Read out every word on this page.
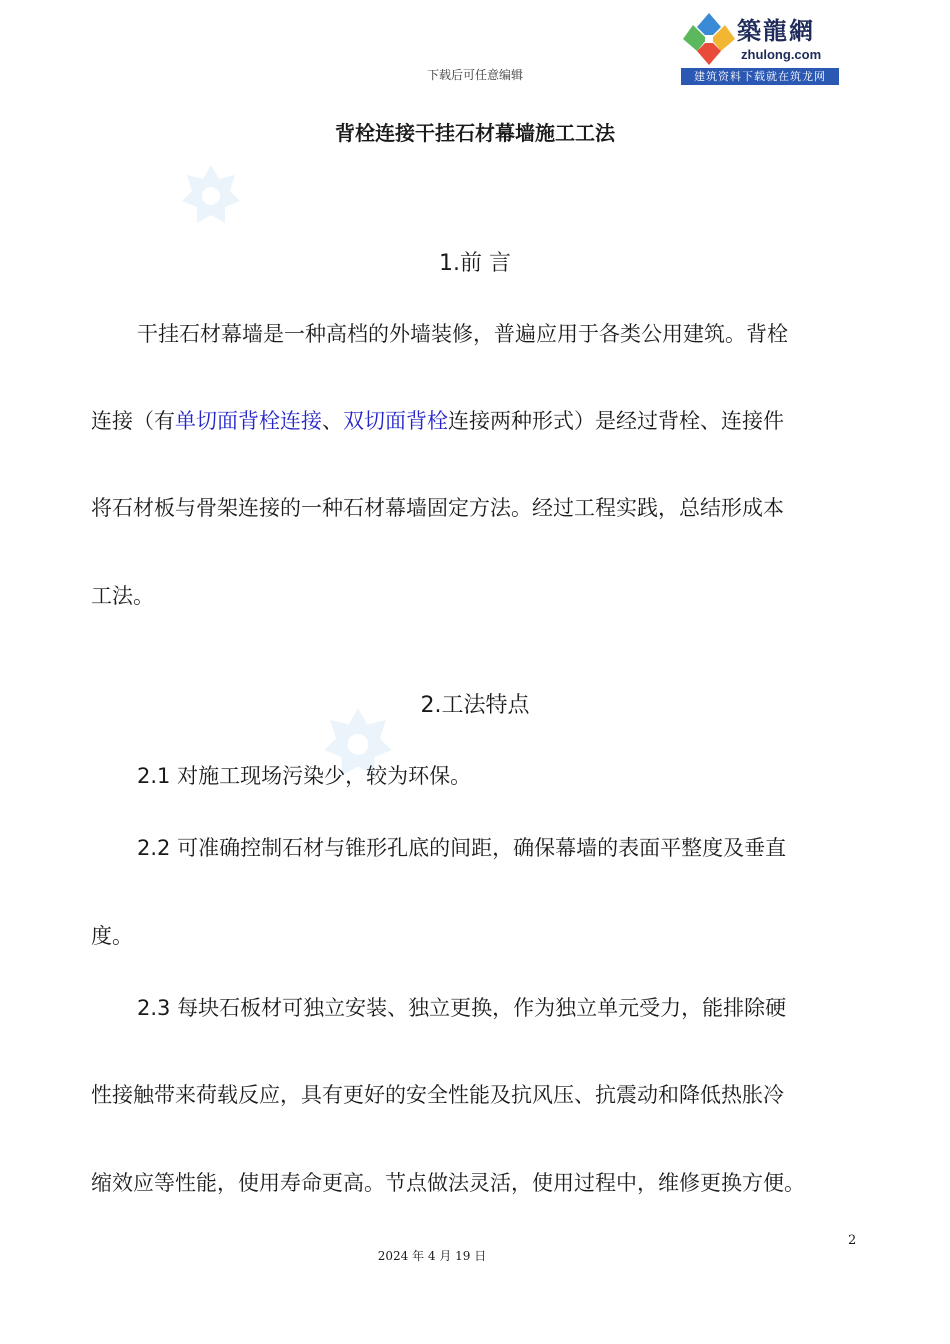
下载后可任意编辑
築龍網
zhulong.com
建筑资料下载就在筑龙网
背栓连接干挂石材幕墙施工工法
1.前 言
干挂石材幕墙是一种高档的外墙装修，普遍应用于各类公用建筑。背栓
连接（有单切面背栓连接、双切面背栓连接两种形式）是经过背栓、连接件
将石材板与骨架连接的一种石材幕墙固定方法。经过工程实践，总结形成本
工法。
2.工法特点
2.1 对施工现场污染少，较为环保。
2.2 可准确控制石材与锥形孔底的间距，确保幕墙的表面平整度及垂直
度。
2.3 每块石板材可独立安装、独立更换，作为独立单元受力，能排除硬
性接触带来荷载反应，具有更好的安全性能及抗风压、抗震动和降低热胀冷
缩效应等性能，使用寿命更高。节点做法灵活，使用过程中，维修更换方便。
2
2024 年 4 月 19 日
